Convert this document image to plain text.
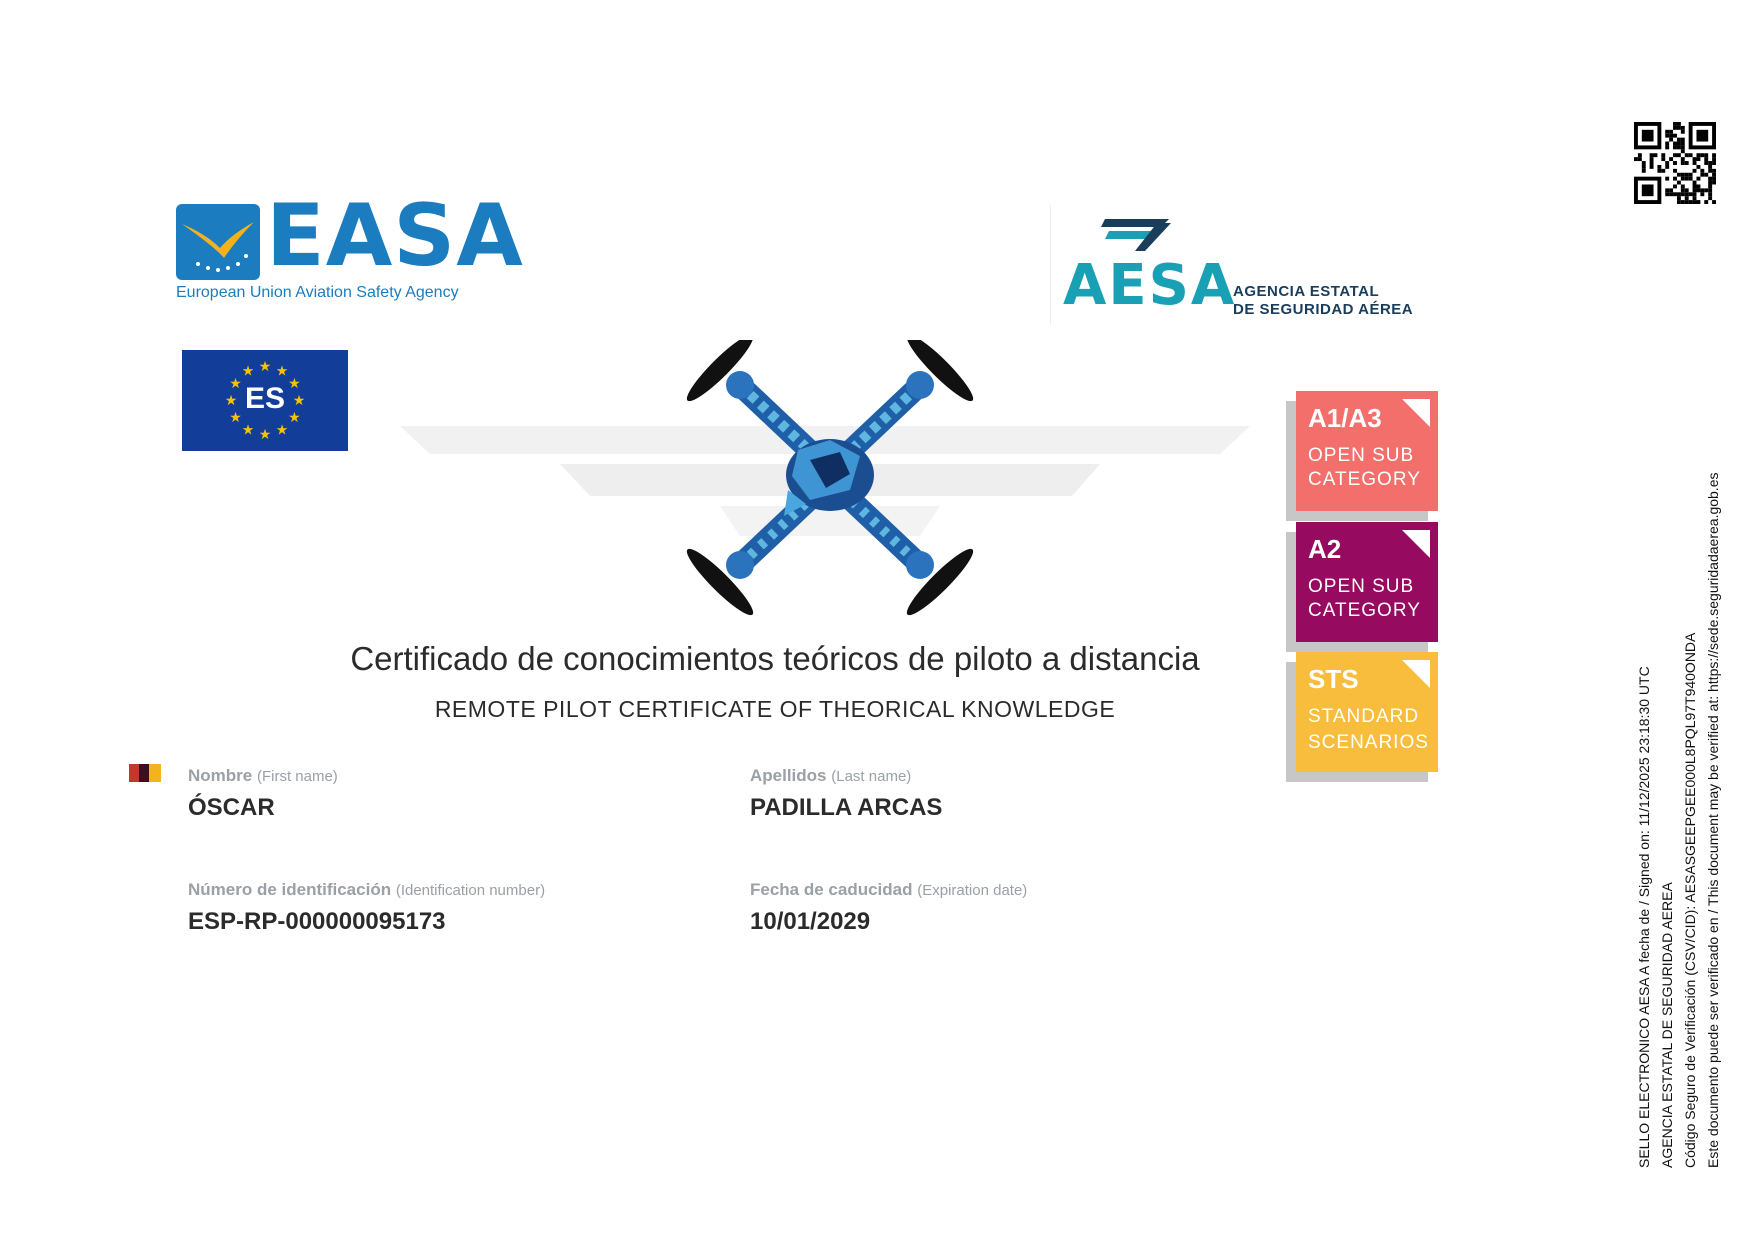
EASA
European Union Aviation Safety Agency	AESA
AGENCIA ESTATAL
DE SEGURIDAD AÉREA
★ ★
★
★
★
★
★
★
★
★
★
★
ES
Certificado de conocimientos teóricos de piloto a distancia
REMOTE PILOT CERTIFICATE OF THEORICAL KNOWLEDGE
A1/A3
OPEN SUB
CATEGORY
A2
OPEN SUB
CATEGORY
STS
STANDARD
SCENARIOS
Nombre (First name)
ÓSCAR
Apellidos (Last name)
PADILLA ARCAS
Número de identificación (Identification number)
ESP-RP-000000095173
Fecha de caducidad (Expiration date)
10/01/2029	SELLO ELECTRONICO AESA A fecha de / Signed on: 11/12/2025 23:18:30 UTC AGENCIA ESTATAL DE SEGURIDAD AEREA Código Seguro de Verificación (CSV/CID): AESASGEEPGEE000L8PQL97T940ONDA Este documento puede ser verificado en / This document may be verified at: https://sede.seguridadaerea.gob.es
